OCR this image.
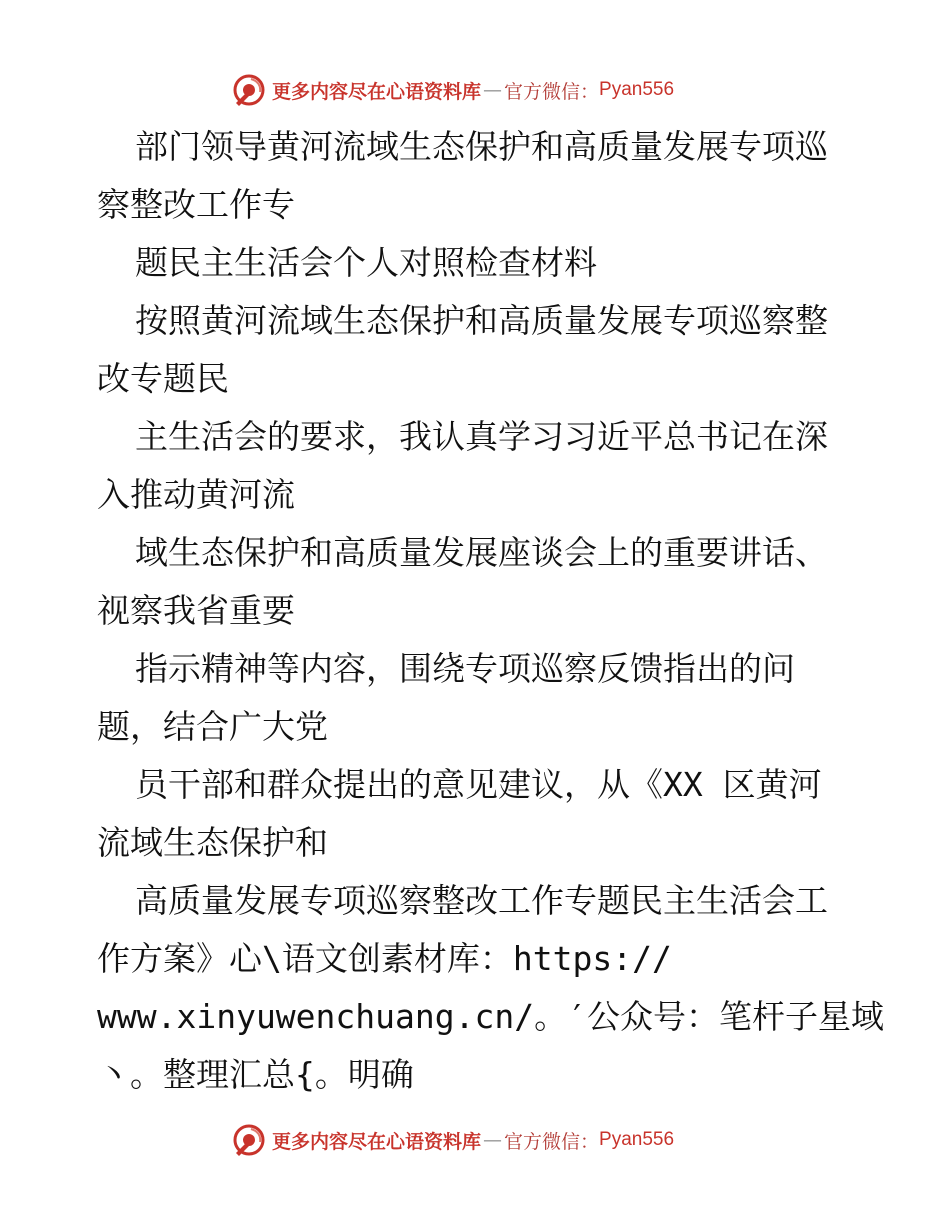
更多内容尽在心语资料库 — 官方微信： Pyan556
部门领导黄河流域生态保护和高质量发展专项巡
察整改工作专
题民主生活会个人对照检查材料
按照黄河流域生态保护和高质量发展专项巡察整
改专题民
主生活会的要求，我认真学习习近平总书记在深
入推动黄河流
域生态保护和高质量发展座谈会上的重要讲话、
视察我省重要
指示精神等内容，围绕专项巡察反馈指出的问
题，结合广大党
员干部和群众提出的意见建议，从《XX 区黄河
流域生态保护和
高质量发展专项巡察整改工作专题民主生活会工
作方案》心\语文创素材库：https://
www.xinyuwenchuang.cn/。′公众号：笔杆子星域
丶。整理汇总{。明确
更多内容尽在心语资料库 — 官方微信： Pyan556
